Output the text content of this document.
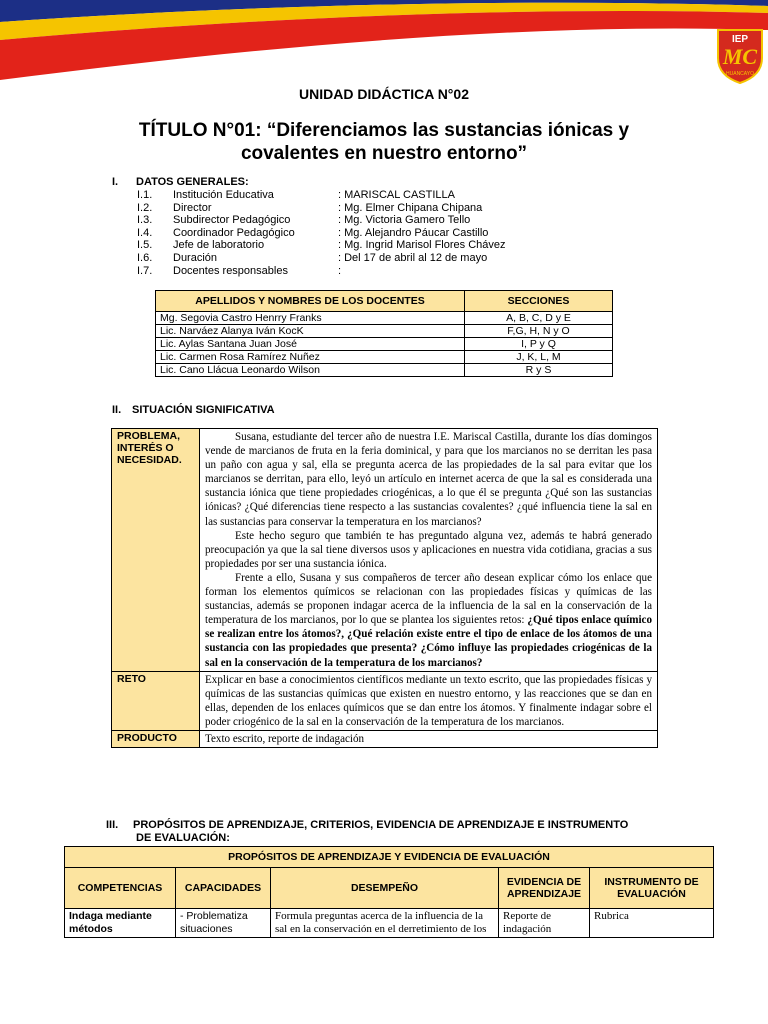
IEP
MC
HUANCAYO
UNIDAD DIDÁCTICA N°02
TÍTULO N°01: “Diferenciamos las sustancias iónicas y
covalentes en nuestro entorno”
I. DATOS GENERALES:
I.1.	Institución Educativa	: MARISCAL CASTILLA
I.2.	Director	: Mg. Elmer Chipana Chipana
I.3.	Subdirector Pedagógico	: Mg. Victoria Gamero Tello
I.4.	Coordinador Pedagógico	: Mg. Alejandro Páucar Castillo
I.5.	Jefe de laboratorio	: Mg. Ingrid Marisol Flores Chávez
I.6.	Duración	: Del 17 de abril al 12 de mayo
I.7.	Docentes responsables	:
APELLIDOS Y NOMBRES DE LOS DOCENTES	SECCIONES
Mg. Segovia Castro Henrry Franks	A, B, C, D y E
Lic. Narváez Alanya Iván KocK	F,G, H, N y O
Lic. Aylas Santana Juan José	I, P y Q
Lic. Carmen Rosa Ramírez Nuñez	J, K, L, M
Lic. Cano Llácua Leonardo Wilson	R y S
II. SITUACIÓN SIGNIFICATIVA
PROBLEMA, INTERÉS O NECESIDAD.	Susana, estudiante del tercer año de nuestra I.E. Mariscal Castilla, durante los días domingos vende de marcianos de fruta en la feria dominical, y para que los marcianos no se derritan les pasa un paño con agua y sal, ella se pregunta acerca de las propiedades de la sal para evitar que los marcianos se derritan, para ello, leyó un artículo en internet acerca de que la sal es considerada una sustancia iónica que tiene propiedades criogénicas, a lo que él se pregunta ¿Qué son las sustancias iónicas? ¿Qué diferencias tiene respecto a las sustancias covalentes? ¿qué influencia tiene la sal en las sustancias para conservar la temperatura en los marcianos?

Este hecho seguro que también te has preguntado alguna vez, además te habrá generado preocupación ya que la sal tiene diversos usos y aplicaciones en nuestra vida cotidiana, gracias a sus propiedades por ser una sustancia iónica.

Frente a ello, Susana y sus compañeros de tercer año desean explicar cómo los enlace que forman los elementos químicos se relacionan con las propiedades físicas y químicas de las sustancias, además se proponen indagar acerca de la influencia de la sal en la conservación de la temperatura de los marcianos, por lo que se plantea los siguientes retos: ¿Qué tipos enlace químico se realizan entre los átomos?, ¿Qué relación existe entre el tipo de enlace de los átomos de una sustancia con las propiedades que presenta? ¿Cómo influye las propiedades criogénicas de la sal en la conservación de la temperatura de los marcianos?

RETO	Explicar en base a conocimientos científicos mediante un texto escrito, que las propiedades físicas y químicas de las sustancias químicas que existen en nuestro entorno, y las reacciones que se dan en ellas, dependen de los enlaces químicos que se dan entre los átomos. Y finalmente indagar sobre el poder criogénico de la sal en la conservación de la temperatura de los marcianos.
PRODUCTO	Texto escrito, reporte de indagación
III. PROPÓSITOS DE APRENDIZAJE, CRITERIOS, EVIDENCIA DE APRENDIZAJE E INSTRUMENTO
DE EVALUACIÓN:
PROPÓSITOS DE APRENDIZAJE Y EVIDENCIA DE EVALUACIÓN				
COMPETENCIAS	CAPACIDADES	DESEMPEÑO	EVIDENCIA DE APRENDIZAJE	INSTRUMENTO DE EVALUACIÓN
Indaga mediante métodos	- Problematiza situaciones	Formula preguntas acerca de la influencia de la sal en la conservación en el derretimiento de los	Reporte de indagación	Rubrica
